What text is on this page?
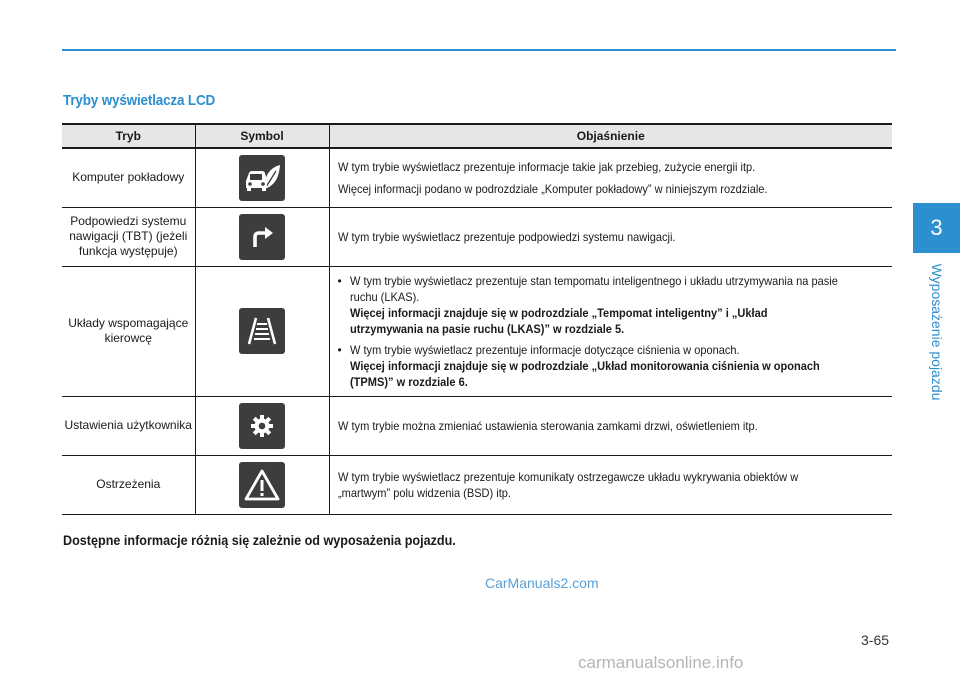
Tryby wyświetlacza LCD
Tryb	Symbol	Objaśnienie
Komputer pokładowy		W tym trybie wyświetlacz prezentuje informacje takie jak przebieg, zużycie energii itp.

Więcej informacji podano w podrozdziale „Komputer pokładowy” w niniejszym rozdziale.

Podpowiedzi systemu nawigacji (TBT) (jeżeli funkcja występuje)		W tym trybie wyświetlacz prezentuje podpowiedzi systemu nawigacji.

Układy wspomagające kierowcę		• W tym trybie wyświetlacz prezentuje stan tempomatu inteligentnego i układu utrzymywania na pasie ruchu (LKAS).
Więcej informacji znajduje się w podrozdziale „Tempomat inteligentny” i „Układ utrzymywania na pasie ruchu (LKAS)” w rozdziale 5.
• W tym trybie wyświetlacz prezentuje informacje dotyczące ciśnienia w oponach.
Więcej informacji znajduje się w podrozdziale „Układ monitorowania ciśnienia w oponach (TPMS)” w rozdziale 6.

Ustawienia użytkownika		W tym trybie można zmieniać ustawienia sterowania zamkami drzwi, oświetleniem itp.

Ostrzeżenia		W tym trybie wyświetlacz prezentuje komunikaty ostrzegawcze układu wykrywania obiektów w „martwym” polu widzenia (BSD) itp.

Dostępne informacje różnią się zależnie od wyposażenia pojazdu.
3
Wyposażenie pojazdu
CarManuals2.com
3-65
carmanualsonline.info
